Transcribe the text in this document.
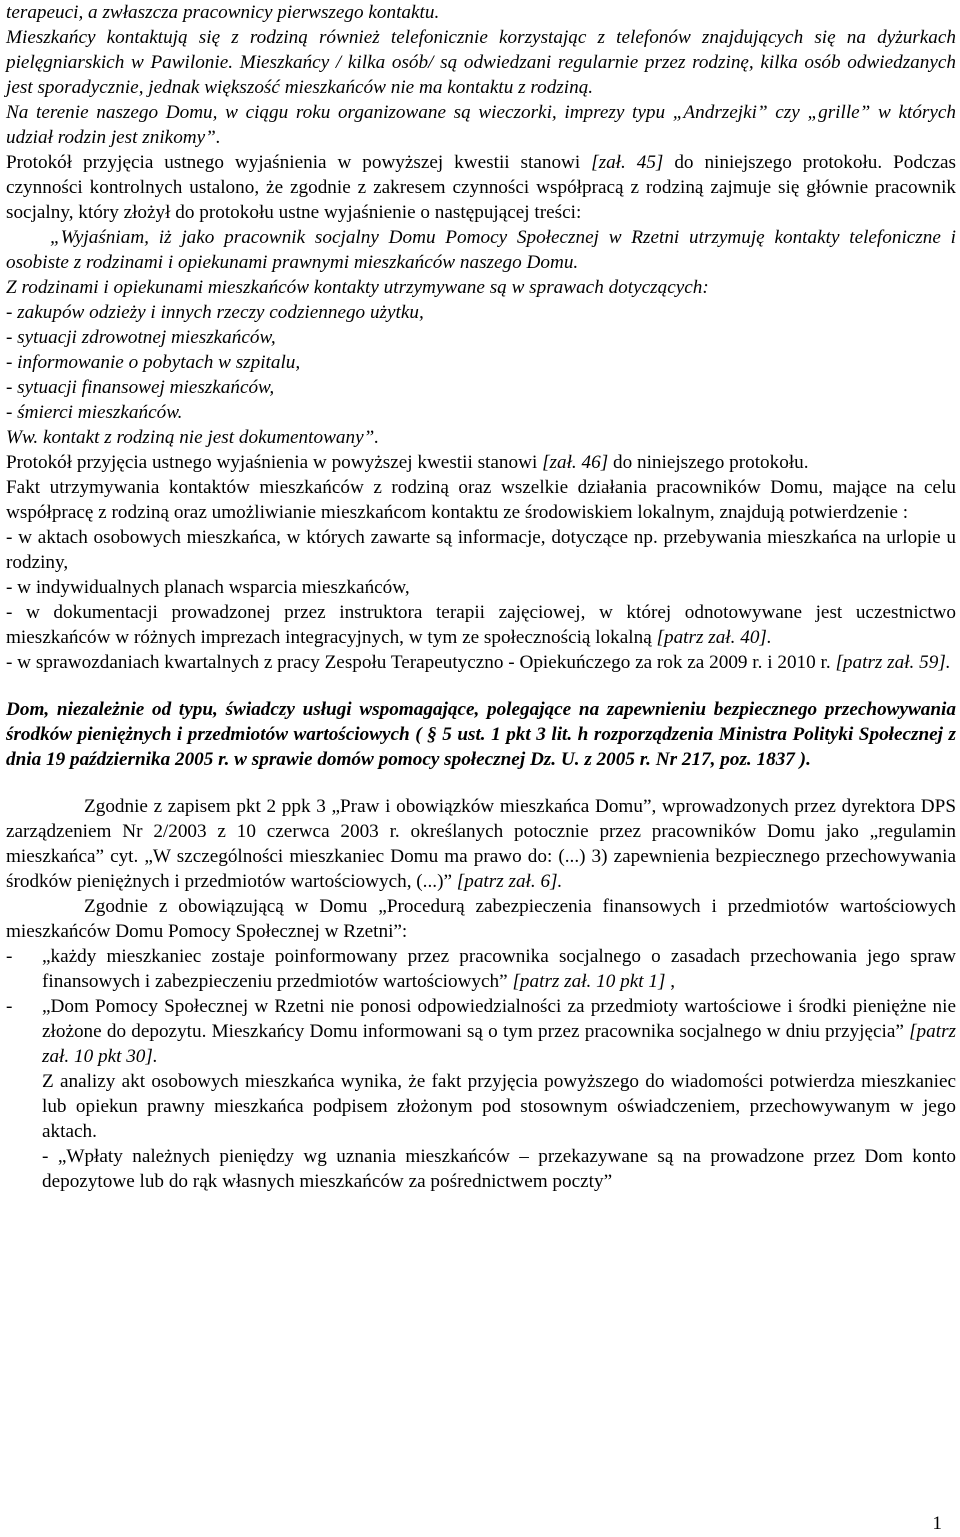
terapeuci, a zwłaszcza pracownicy pierwszego kontaktu.

Mieszkańcy kontaktują się z rodziną również telefonicznie korzystając z telefonów znajdujących się na dyżurkach pielęgniarskich w Pawilonie. Mieszkańcy / kilka osób/ są odwiedzani regularnie przez rodzinę, kilka osób odwiedzanych jest sporadycznie, jednak większość mieszkańców nie ma kontaktu z rodziną.

Na terenie naszego Domu, w ciągu roku organizowane są wieczorki, imprezy typu „Andrzejki” czy „grille” w których udział rodzin jest znikomy”.

Protokół przyjęcia ustnego wyjaśnienia w powyższej kwestii stanowi [zał. 45] do niniejszego protokołu. Podczas czynności kontrolnych ustalono, że zgodnie z zakresem czynności współpracą z rodziną zajmuje się głównie pracownik socjalny, który złożył do protokołu ustne wyjaśnienie o następującej treści:

„Wyjaśniam, iż jako pracownik socjalny Domu Pomocy Społecznej w Rzetni utrzymuję kontakty telefoniczne i osobiste z rodzinami i opiekunami prawnymi mieszkańców naszego Domu.

Z rodzinami i opiekunami mieszkańców kontakty utrzymywane są w sprawach dotyczących:

- zakupów odzieży i innych rzeczy codziennego użytku,

- sytuacji zdrowotnej mieszkańców,

- informowanie o pobytach w szpitalu,

- sytuacji finansowej mieszkańców,

- śmierci mieszkańców.

Ww. kontakt z rodziną nie jest dokumentowany”.

Protokół przyjęcia ustnego wyjaśnienia w powyższej kwestii stanowi [zał. 46] do niniejszego protokołu.

Fakt utrzymywania kontaktów mieszkańców z rodziną oraz wszelkie działania pracowników Domu, mające na celu współpracę z rodziną oraz umożliwianie mieszkańcom kontaktu ze środowiskiem lokalnym, znajdują potwierdzenie :

- w aktach osobowych mieszkańca, w których zawarte są informacje, dotyczące np. przebywania mieszkańca na urlopie u rodziny,

- w indywidualnych planach wsparcia mieszkańców,

- w dokumentacji prowadzonej przez instruktora terapii zajęciowej, w której odnotowywane jest uczestnictwo mieszkańców w różnych imprezach integracyjnych, w tym ze społecznością lokalną [patrz zał. 40].

- w sprawozdaniach kwartalnych z pracy Zespołu Terapeutyczno - Opiekuńczego za rok za 2009 r. i 2010 r. [patrz zał. 59].

Dom, niezależnie od typu, świadczy usługi wspomagające, polegające na zapewnieniu bezpiecznego przechowywania środków pieniężnych i przedmiotów wartościowych ( § 5 ust. 1 pkt 3 lit. h rozporządzenia Ministra Polityki Społecznej z dnia 19 października 2005 r. w sprawie domów pomocy społecznej Dz. U. z 2005 r. Nr 217, poz. 1837 ).

Zgodnie z zapisem pkt 2 ppk 3 „Praw i obowiązków mieszkańca Domu”, wprowadzonych przez dyrektora DPS zarządzeniem Nr 2/2003 z 10 czerwca 2003 r. określanych potocznie przez pracowników Domu jako „regulamin mieszkańca” cyt. „W szczególności mieszkaniec Domu ma prawo do: (...) 3) zapewnienia bezpiecznego przechowywania środków pieniężnych i przedmiotów wartościowych, (...)” [patrz zał. 6].

Zgodnie z obowiązującą w Domu „Procedurą zabezpieczenia finansowych i przedmiotów wartościowych mieszkańców Domu Pomocy Społecznej w Rzetni”:

- „każdy mieszkaniec zostaje poinformowany przez pracownika socjalnego o zasadach przechowania jego spraw finansowych i zabezpieczeniu przedmiotów wartościowych” [patrz zał. 10 pkt 1] ,

- „Dom Pomocy Społecznej w Rzetni nie ponosi odpowiedzialności za przedmioty wartościowe i środki pieniężne nie złożone do depozytu. Mieszkańcy Domu informowani są o tym przez pracownika socjalnego w dniu przyjęcia” [patrz zał. 10 pkt 30].

Z analizy akt osobowych mieszkańca wynika, że fakt przyjęcia powyższego do wiadomości potwierdza mieszkaniec lub opiekun prawny mieszkańca podpisem złożonym pod stosownym oświadczeniem, przechowywanym w jego aktach.

- „Wpłaty należnych pieniędzy wg uznania mieszkańców – przekazywane są na prowadzone przez Dom konto depozytowe lub do rąk własnych mieszkańców za pośrednictwem poczty”

1
